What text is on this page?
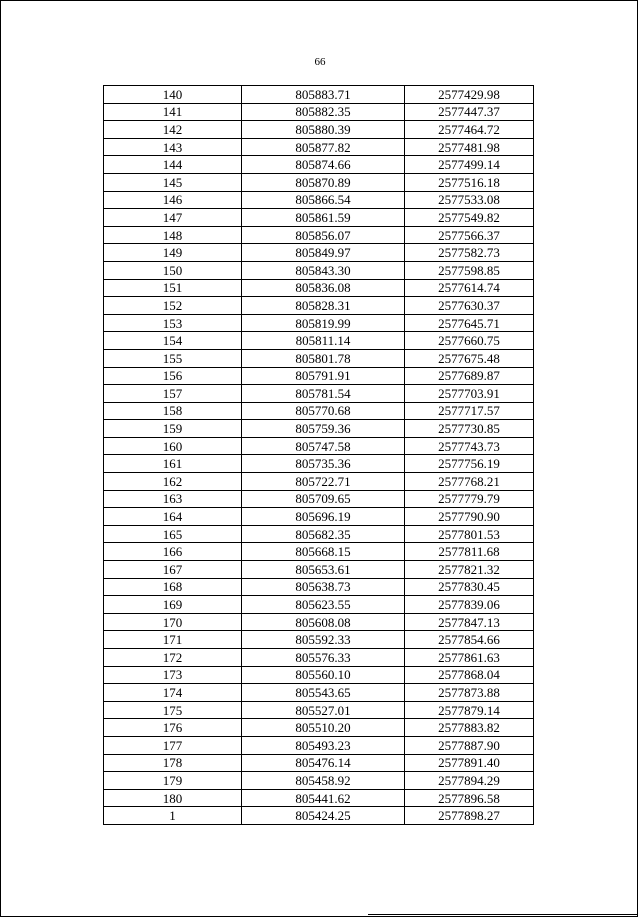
66
140	805883.71	2577429.98
141	805882.35	2577447.37
142	805880.39	2577464.72
143	805877.82	2577481.98
144	805874.66	2577499.14
145	805870.89	2577516.18
146	805866.54	2577533.08
147	805861.59	2577549.82
148	805856.07	2577566.37
149	805849.97	2577582.73
150	805843.30	2577598.85
151	805836.08	2577614.74
152	805828.31	2577630.37
153	805819.99	2577645.71
154	805811.14	2577660.75
155	805801.78	2577675.48
156	805791.91	2577689.87
157	805781.54	2577703.91
158	805770.68	2577717.57
159	805759.36	2577730.85
160	805747.58	2577743.73
161	805735.36	2577756.19
162	805722.71	2577768.21
163	805709.65	2577779.79
164	805696.19	2577790.90
165	805682.35	2577801.53
166	805668.15	2577811.68
167	805653.61	2577821.32
168	805638.73	2577830.45
169	805623.55	2577839.06
170	805608.08	2577847.13
171	805592.33	2577854.66
172	805576.33	2577861.63
173	805560.10	2577868.04
174	805543.65	2577873.88
175	805527.01	2577879.14
176	805510.20	2577883.82
177	805493.23	2577887.90
178	805476.14	2577891.40
179	805458.92	2577894.29
180	805441.62	2577896.58
1	805424.25	2577898.27
